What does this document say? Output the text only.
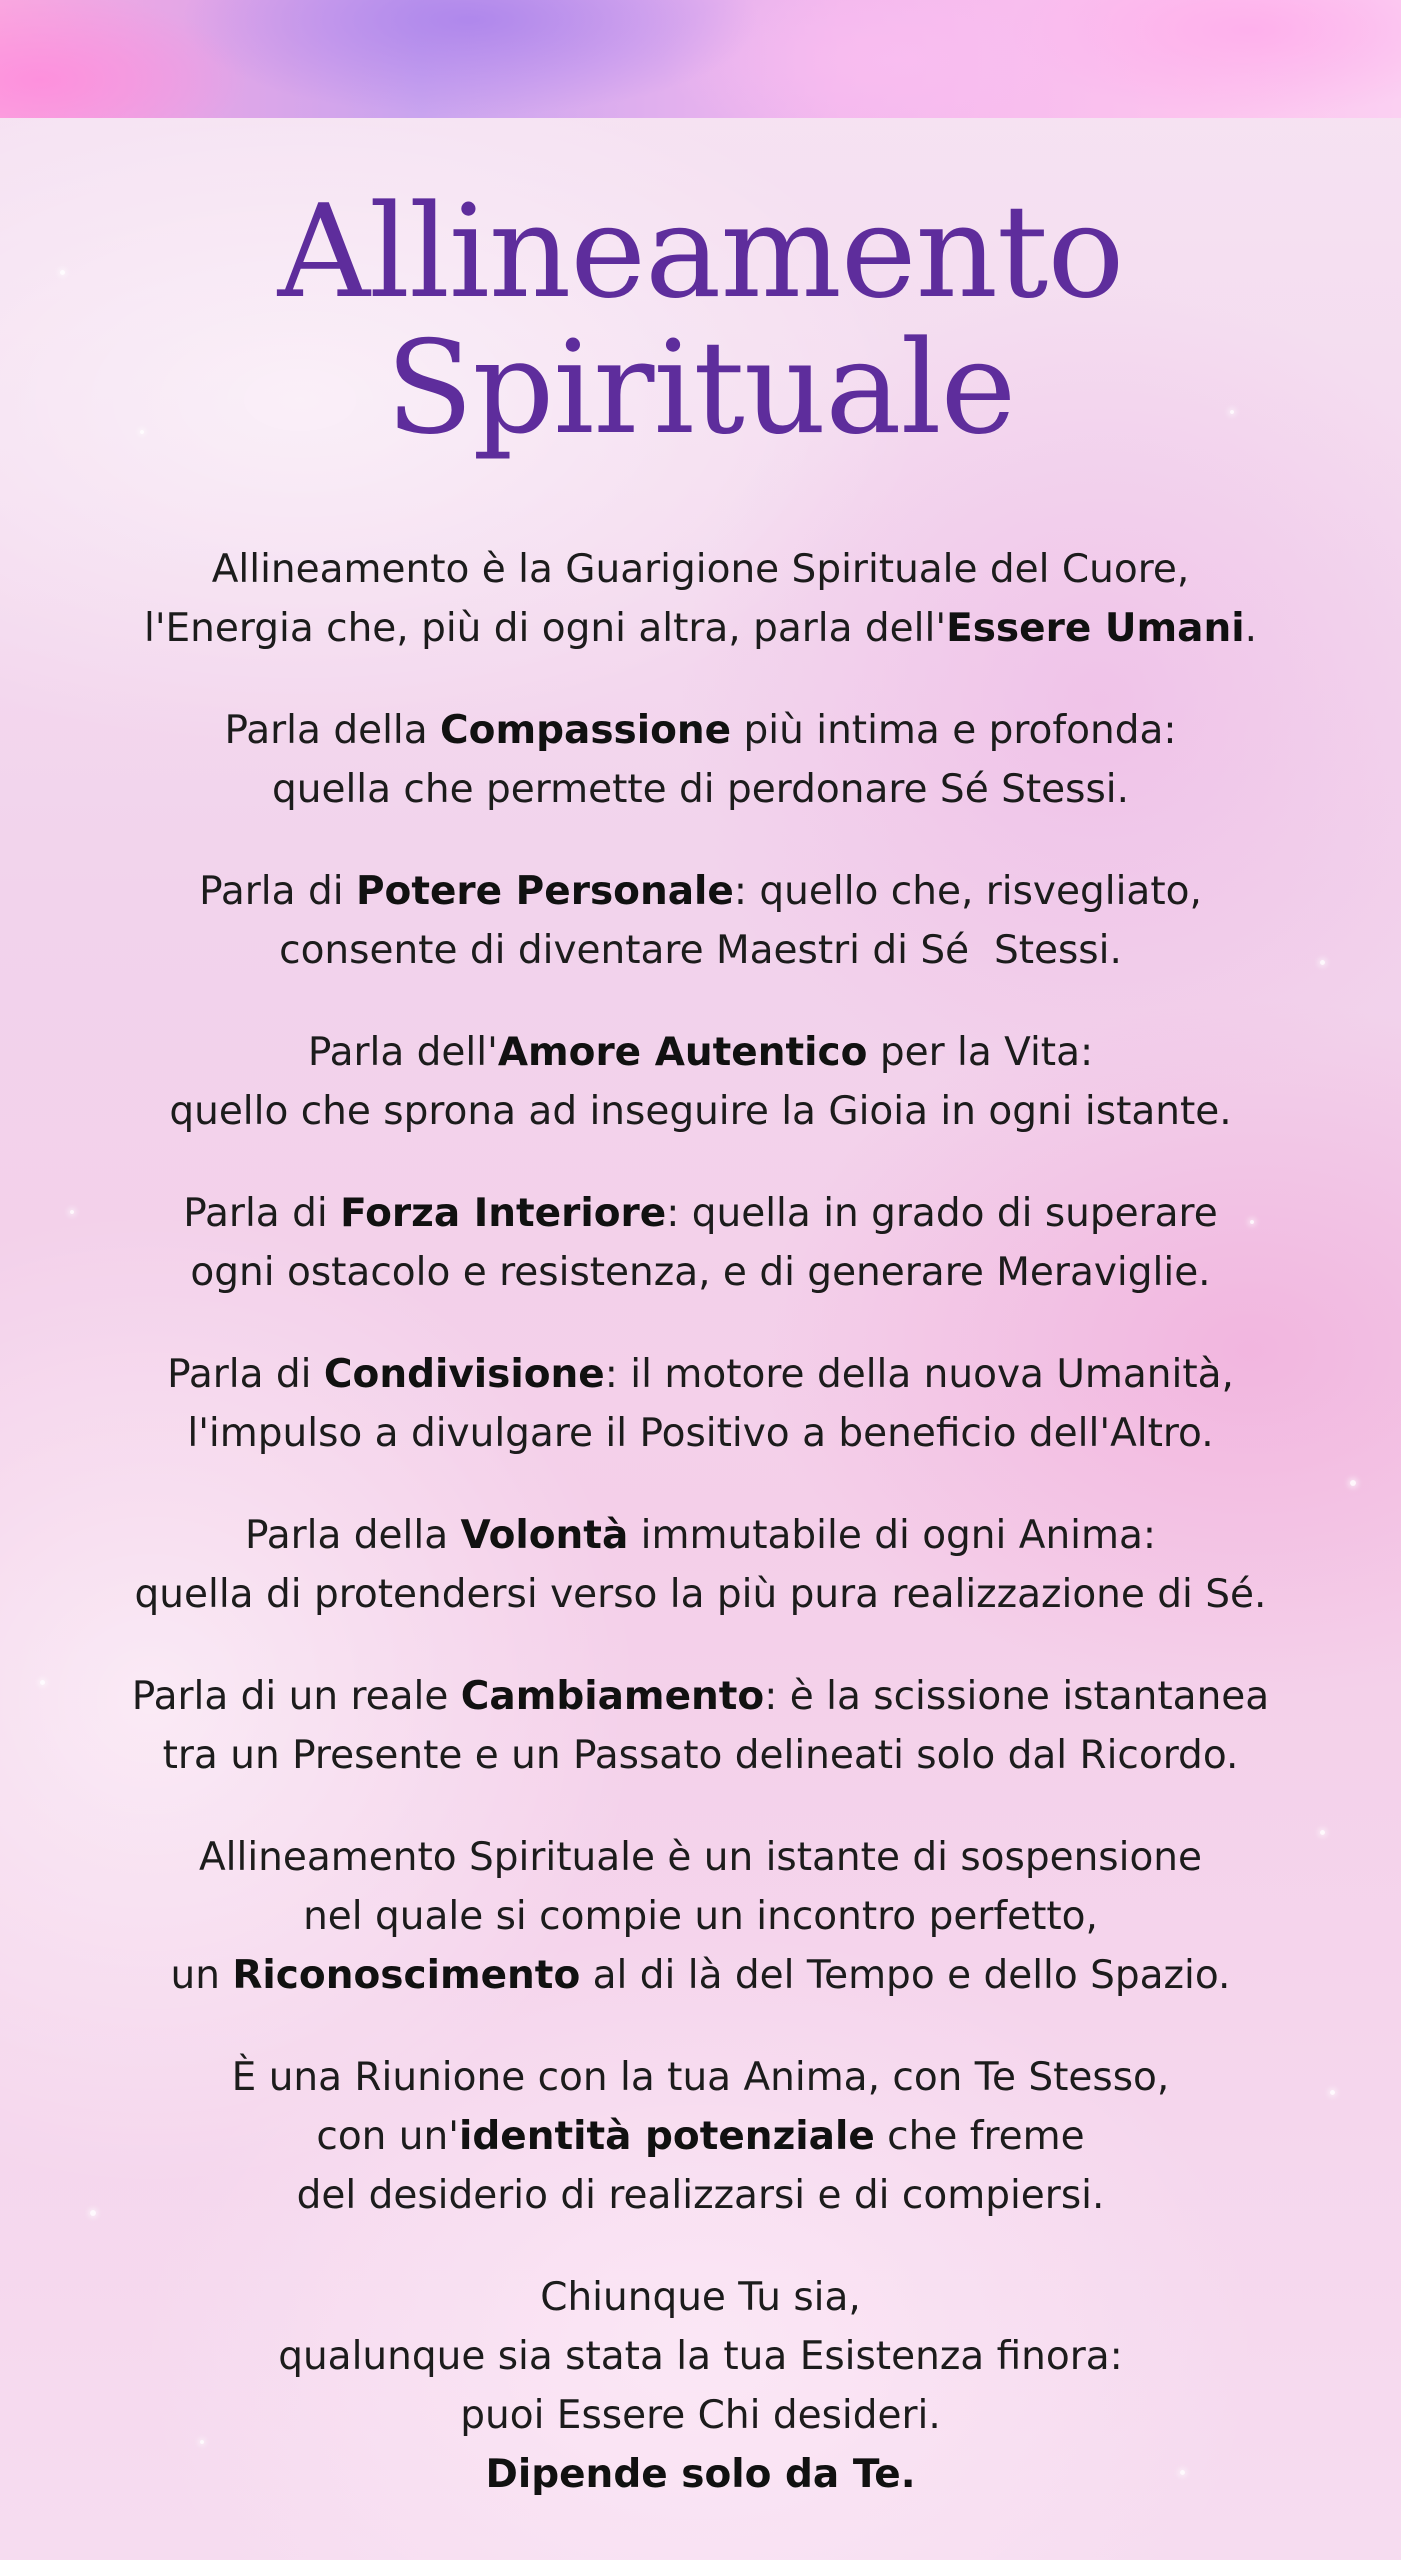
Allineamento
Spirituale

Allineamento è la Guarigione Spirituale del Cuore,
l'Energia che, più di ogni altra, parla dell'Essere Umani.

Parla della Compassione più intima e profonda:
quella che permette di perdonare Sé Stessi.

Parla di Potere Personale: quello che, risvegliato,
consente di diventare Maestri di Sé  Stessi.

Parla dell'Amore Autentico per la Vita:
quello che sprona ad inseguire la Gioia in ogni istante.

Parla di Forza Interiore: quella in grado di superare
ogni ostacolo e resistenza, e di generare Meraviglie.

Parla di Condivisione: il motore della nuova Umanità,
l'impulso a divulgare il Positivo a beneficio dell'Altro.

Parla della Volontà immutabile di ogni Anima:
quella di protendersi verso la più pura realizzazione di Sé.

Parla di un reale Cambiamento: è la scissione istantanea
tra un Presente e un Passato delineati solo dal Ricordo.

Allineamento Spirituale è un istante di sospensione
nel quale si compie un incontro perfetto,
un Riconoscimento al di là del Tempo e dello Spazio.

È una Riunione con la tua Anima, con Te Stesso,
con un'identità potenziale che freme
del desiderio di realizzarsi e di compiersi.

Chiunque Tu sia,
qualunque sia stata la tua Esistenza finora:
puoi Essere Chi desideri.
Dipende solo da Te.
